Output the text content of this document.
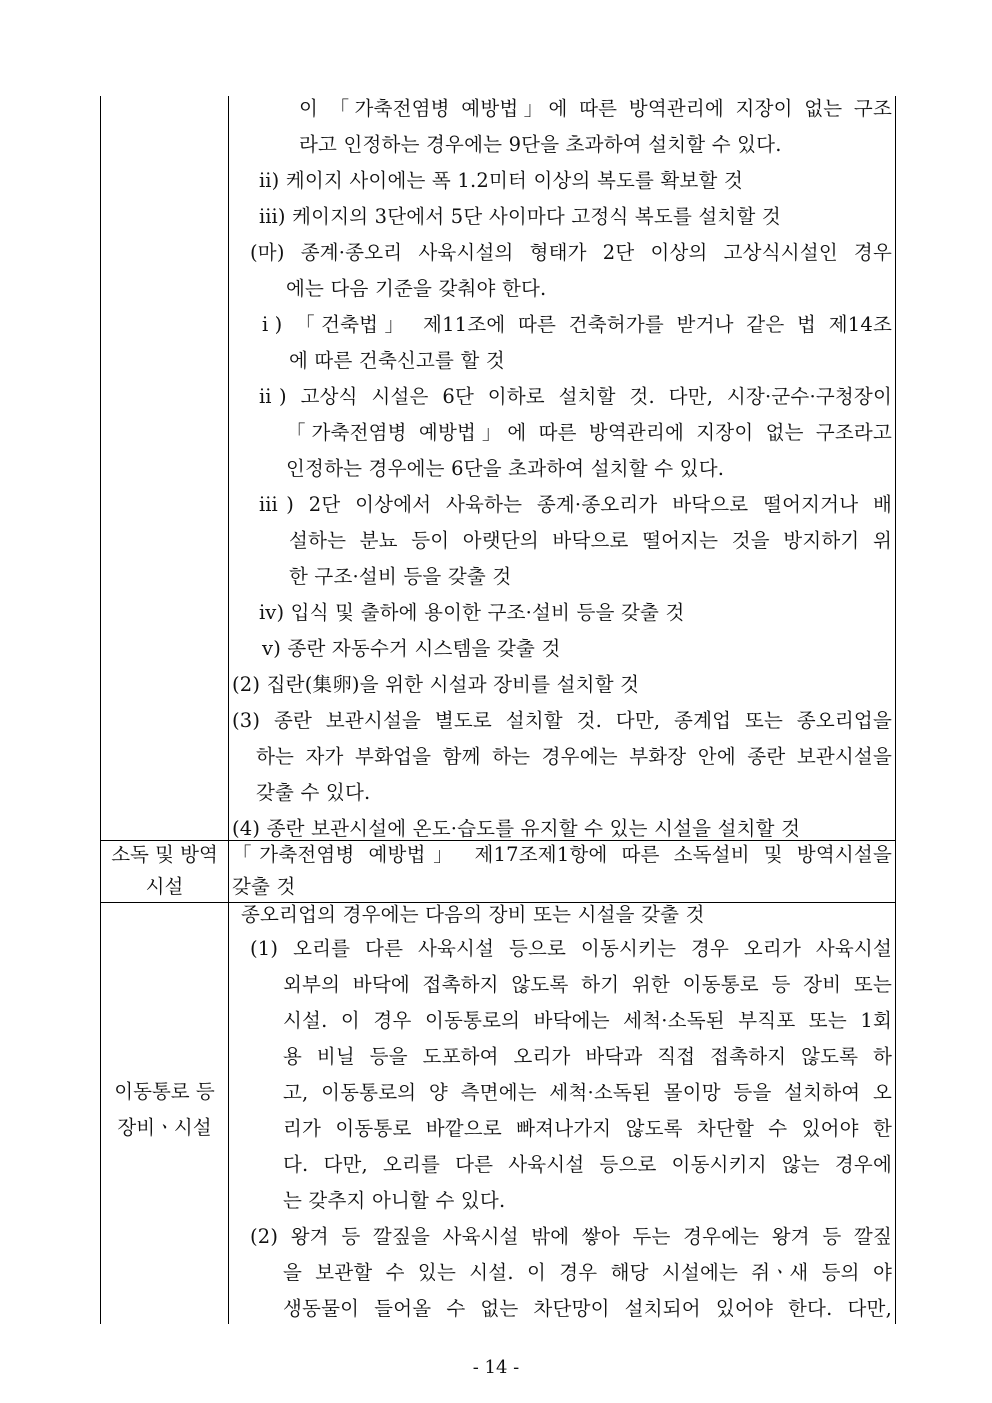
이 「가축전염병 예방법」에 따른 방역관리에 지장이 없는 구조
라고 인정하는 경우에는 9단을 초과하여 설치할 수 있다.
ⅱ) 케이지 사이에는 폭 1.2미터 이상의 복도를 확보할 것
ⅲ) 케이지의 3단에서 5단 사이마다 고정식 복도를 설치할 것
(마) 종계·종오리 사육시설의 형태가 2단 이상의 고상식시설인 경우
에는 다음 기준을 갖춰야 한다.
ⅰ) 「건축법」 제11조에 따른 건축허가를 받거나 같은 법 제14조
에 따른 건축신고를 할 것
ⅱ) 고상식 시설은 6단 이하로 설치할 것. 다만, 시장·군수·구청장이
「가축전염병 예방법」에 따른 방역관리에 지장이 없는 구조라고
인정하는 경우에는 6단을 초과하여 설치할 수 있다.
ⅲ) 2단 이상에서 사육하는 종계·종오리가 바닥으로 떨어지거나 배
설하는 분뇨 등이 아랫단의 바닥으로 떨어지는 것을 방지하기 위
한 구조·설비 등을 갖출 것
ⅳ) 입식 및 출하에 용이한 구조·설비 등을 갖출 것
ⅴ) 종란 자동수거 시스템을 갖출 것
(2) 집란(集卵)을 위한 시설과 장비를 설치할 것
(3) 종란 보관시설을 별도로 설치할 것. 다만, 종계업 또는 종오리업을
하는 자가 부화업을 함께 하는 경우에는 부화장 안에 종란 보관시설을
갖출 수 있다.
(4) 종란 보관시설에 온도·습도를 유지할 수 있는 시설을 설치할 것
소독 및 방역
시설
「가축전염병 예방법」 제17조제1항에 따른 소독설비 및 방역시설을
갖출 것
이동통로 등
장비ㆍ시설
종오리업의 경우에는 다음의 장비 또는 시설을 갖출 것
(1) 오리를 다른 사육시설 등으로 이동시키는 경우 오리가 사육시설
외부의 바닥에 접촉하지 않도록 하기 위한 이동통로 등 장비 또는
시설. 이 경우 이동통로의 바닥에는 세척·소독된 부직포 또는 1회
용 비닐 등을 도포하여 오리가 바닥과 직접 접촉하지 않도록 하
고, 이동통로의 양 측면에는 세척·소독된 몰이망 등을 설치하여 오
리가 이동통로 바깥으로 빠져나가지 않도록 차단할 수 있어야 한
다. 다만, 오리를 다른 사육시설 등으로 이동시키지 않는 경우에
는 갖추지 아니할 수 있다.
(2) 왕겨 등 깔짚을 사육시설 밖에 쌓아 두는 경우에는 왕겨 등 깔짚
을 보관할 수 있는 시설. 이 경우 해당 시설에는 쥐ㆍ새 등의 야
생동물이 들어올 수 없는 차단망이 설치되어 있어야 한다. 다만,
- 14 -
